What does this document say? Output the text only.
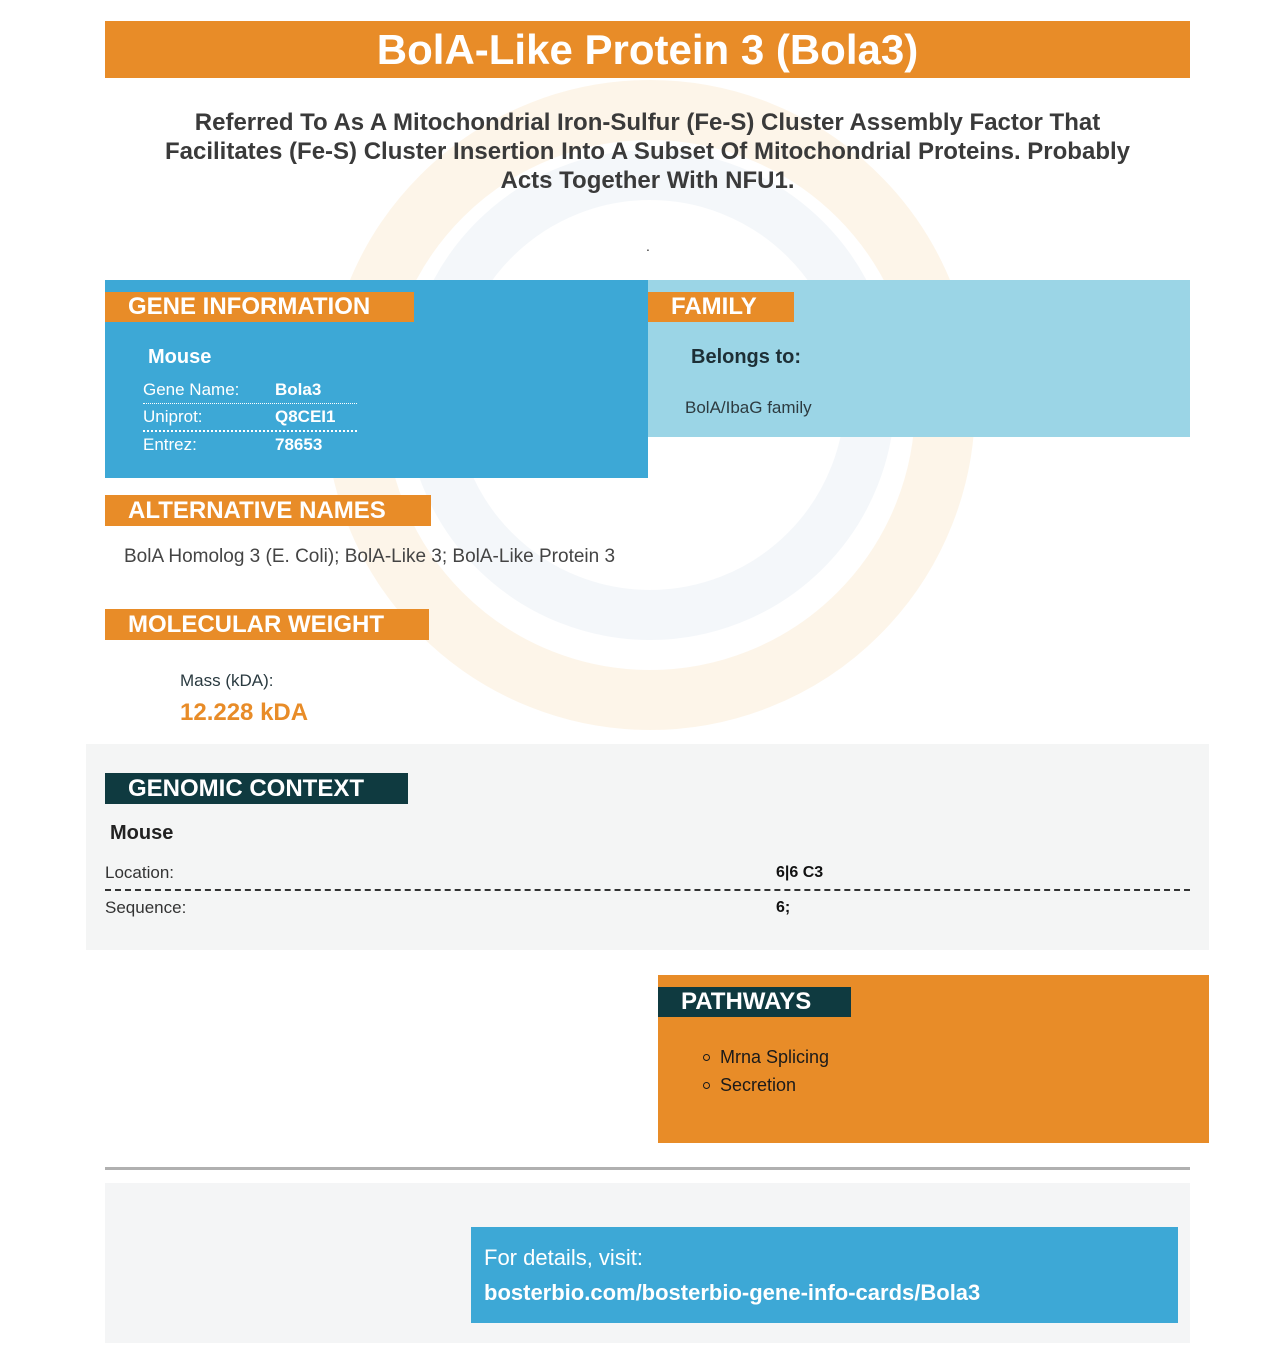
BolA-Like Protein 3 (Bola3)
Referred To As A Mitochondrial Iron-Sulfur (Fe-S) Cluster Assembly Factor That Facilitates (Fe-S) Cluster Insertion Into A Subset Of Mitochondrial Proteins. Probably Acts Together With NFU1.
.
GENE INFORMATION
Mouse
Gene Name: Bola3
Uniprot:	Q8CEI1
Entrez:	78653
FAMILY
Belongs to:
BolA/IbaG family
ALTERNATIVE NAMES
BolA Homolog 3 (E. Coli); BolA-Like 3; BolA-Like Protein 3
MOLECULAR WEIGHT
Mass (kDA):
12.228 kDA
GENOMIC CONTEXT
Mouse
Location:	6|6 C3
Sequence:	6;
PATHWAYS
Mrna Splicing
Secretion
For details, visit:
bosterbio.com/bosterbio-gene-info-cards/Bola3
